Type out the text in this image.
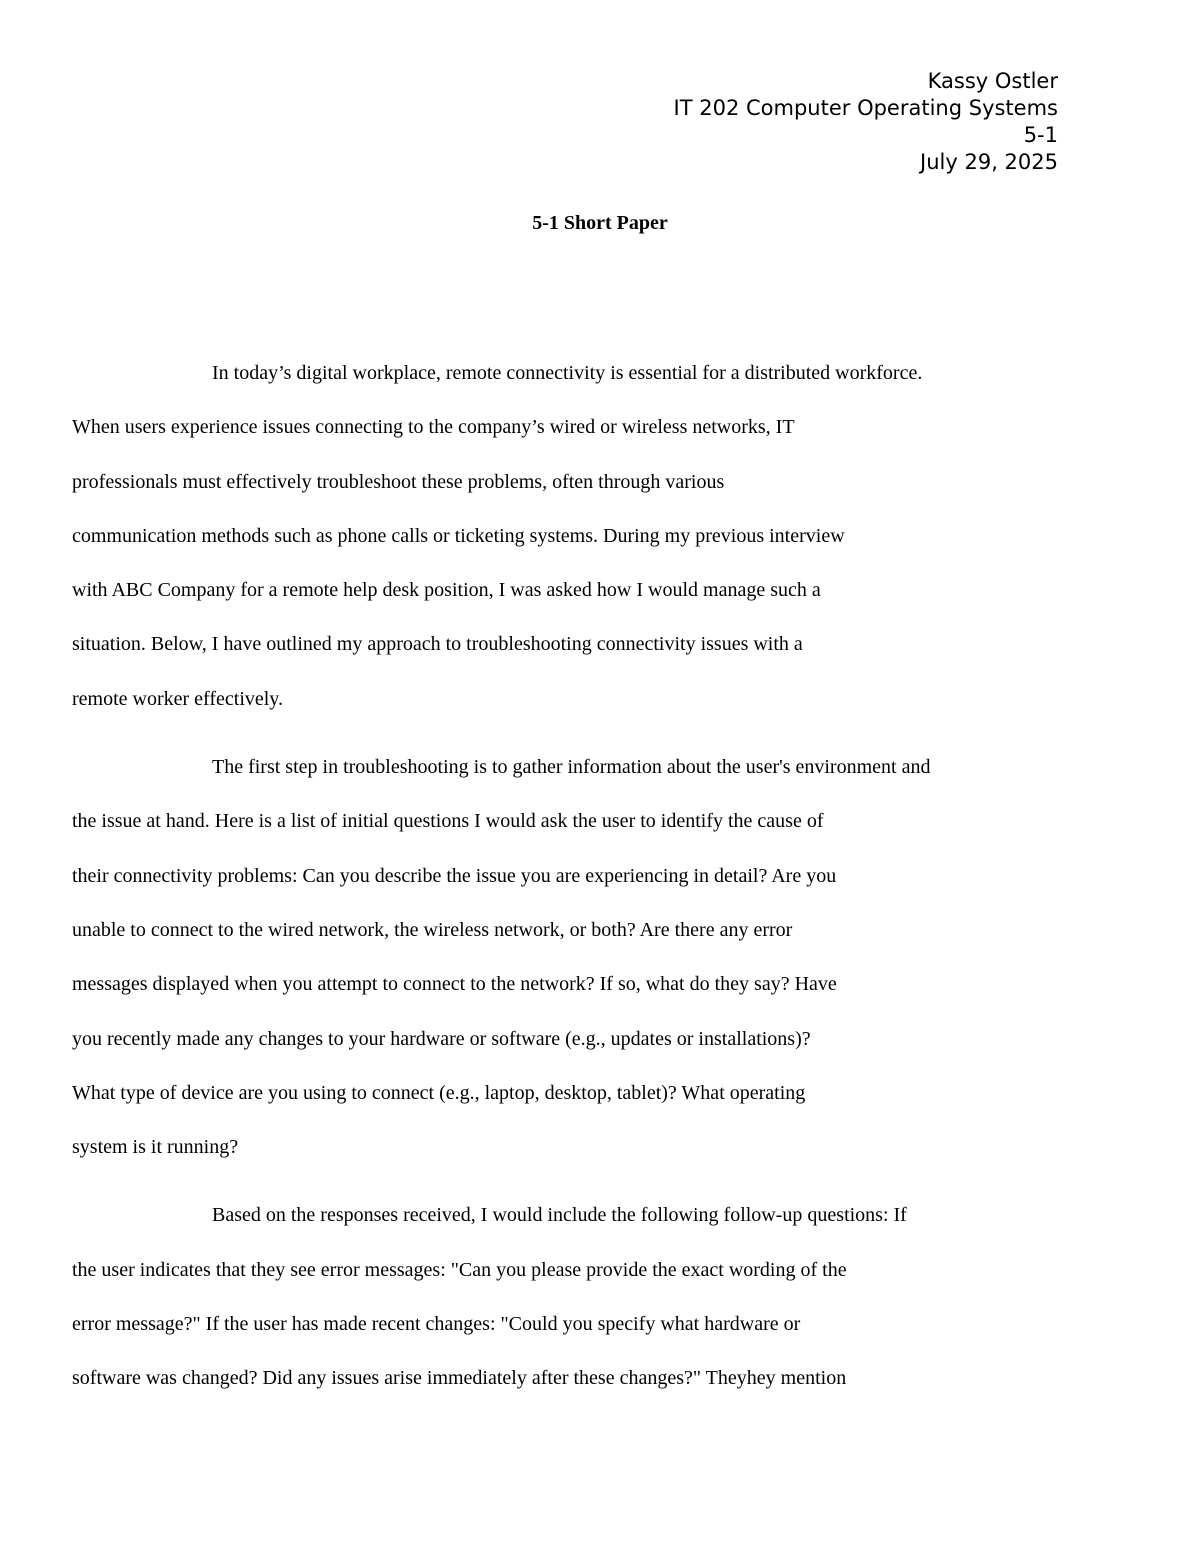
Kassy Ostler
IT 202 Computer Operating Systems
5-1
July 29, 2025
5-1 Short Paper

In today’s digital workplace, remote connectivity is essential for a distributed workforce.
When users experience issues connecting to the company’s wired or wireless networks, IT
professionals must effectively troubleshoot these problems, often through various
communication methods such as phone calls or ticketing systems. During my previous interview
with ABC Company for a remote help desk position, I was asked how I would manage such a
situation. Below, I have outlined my approach to troubleshooting connectivity issues with a
remote worker effectively.

The first step in troubleshooting is to gather information about the user's environment and
the issue at hand. Here is a list of initial questions I would ask the user to identify the cause of
their connectivity problems: Can you describe the issue you are experiencing in detail? Are you
unable to connect to the wired network, the wireless network, or both? Are there any error
messages displayed when you attempt to connect to the network? If so, what do they say? Have
you recently made any changes to your hardware or software (e.g., updates or installations)?
What type of device are you using to connect (e.g., laptop, desktop, tablet)? What operating
system is it running?

Based on the responses received, I would include the following follow-up questions: If
the user indicates that they see error messages: "Can you please provide the exact wording of the
error message?" If the user has made recent changes: "Could you specify what hardware or
software was changed? Did any issues arise immediately after these changes?" Theyhey mention
